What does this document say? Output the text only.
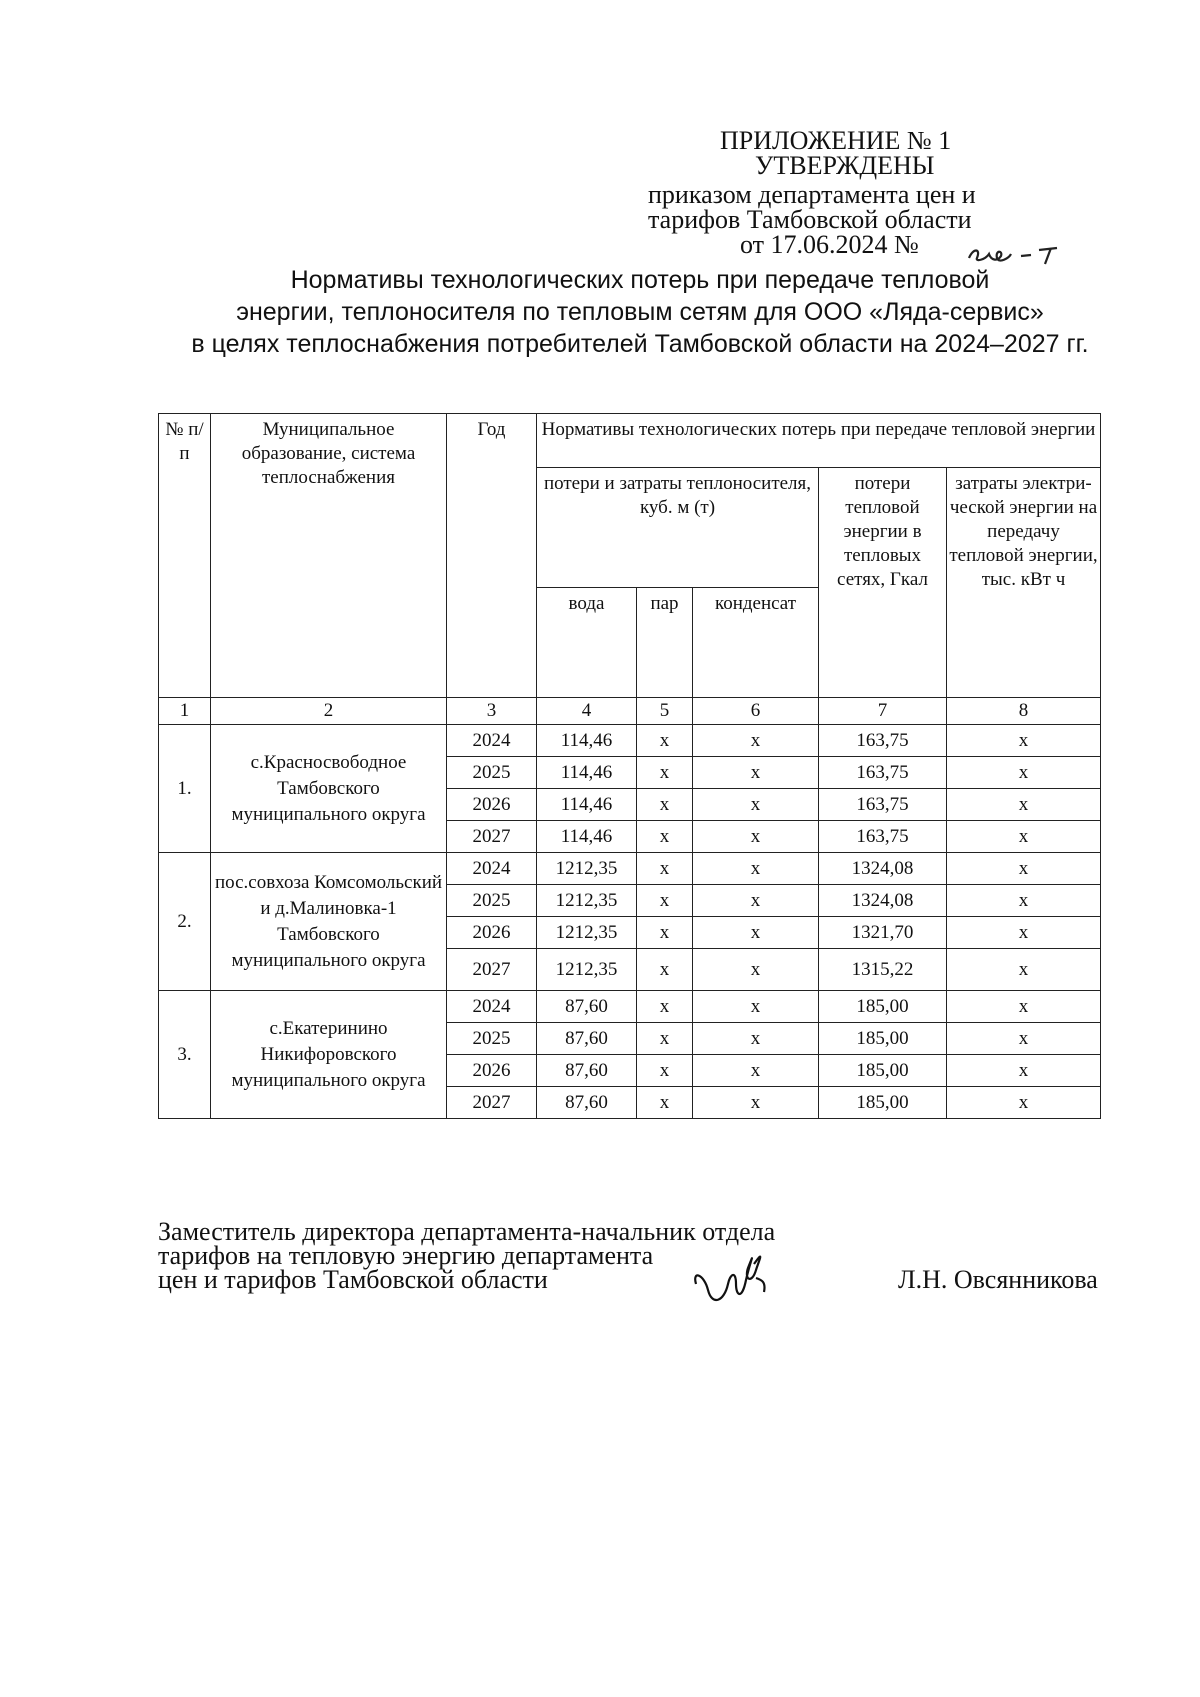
ПРИЛОЖЕНИЕ № 1
УТВЕРЖДЕНЫ
приказом департамента цен и
тарифов Тамбовской области
от 17.06.2024 №
Нормативы технологических потерь при передаче тепловой
энергии, теплоносителя по тепловым сетям для ООО «Ляда-сервис»
в целях теплоснабжения потребителей Тамбовской области на 2024–2027 гг.
№ п/п	Муниципальное образование, система теплоснабжения	Год	Нормативы технологических потерь при передаче тепловой энергии				
			потери и затраты теплоносителя, куб. м (т)			потери тепловой энергии в тепловых сетях, Гкал	затраты электри-ческой энергии на передачу тепловой энергии, тыс. кВт ч
			вода	пар	конденсат		
1	2	3	4	5	6	7	8
1.	с.Красносвободное Тамбовского муниципального округа	2024	114,46	х	х	163,75	х
		2025	114,46	х	х	163,75	х
		2026	114,46	х	х	163,75	х
		2027	114,46	х	х	163,75	х
2.	пос.совхоза Комсомольский и д.Малиновка-1 Тамбовского муниципального округа	2024	1212,35	х	х	1324,08	х
		2025	1212,35	х	х	1324,08	х
		2026	1212,35	х	х	1321,70	х
		2027	1212,35	х	х	1315,22	х
3.	с.Екатеринино Никифоровского муниципального округа	2024	87,60	х	х	185,00	х
		2025	87,60	х	х	185,00	х
		2026	87,60	х	х	185,00	х
		2027	87,60	х	х	185,00	х
Заместитель директора департамента-начальник отдела
тарифов на тепловую энергию департамента
цен и тарифов Тамбовской области	Л.Н. Овсянникова
